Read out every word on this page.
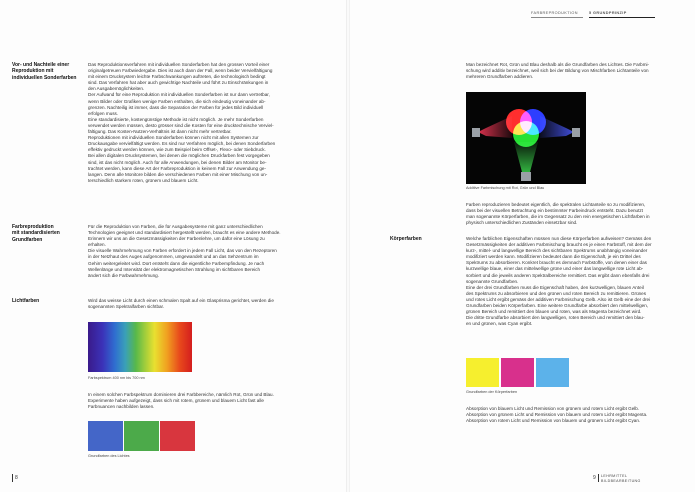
FARBREPRODUKTION	5 GRUNDPRINZIP
Vor- und Nachteile einer
Reproduktion mit
individuellen Sonderfarben
Das Reproduktionsverfahren mit individuellen Sonderfarben hat den grossen Vorteil einer
originalgetreuen Farbwiedergabe. Dies ist auch dann der Fall, wenn beider Vervielfältigung
mit einem Drucksystem leichte Farbschwankungen auftreten, die technologisch bedingt
sind. Das Verfahren hat aber auch gewichtige Nachteile und führt zu Einschränkungen in
den Ausgabemöglichkeiten.
Der Aufwand für eine Reproduktion mit individuellen Sonderfarben ist nur dann vertretbar,
wenn Bilder oder Grafiken wenige Farben enthalten, die sich eindeutig voneinander ab-
grenzen. Nachteilig ist immer, dass die Separation der Farben für jedes Bild individuell
erfolgen muss.
Eine standardisierte, kostengünstige Methode ist nicht möglich. Je mehr Sonderfarben
verwendet werden müssen, desto grösser sind die Kosten für eine drucktechnische Verviel-
fältigung. Das Kosten-Nutzen-Verhältnis ist dann nicht mehr vertretbar.
Reproduktionen mit individuellen Sonderfarben können nicht mit allen Systemen zur
Druckausgabe vervielfältigt werden. Es sind nur Verfahren möglich, bei denen Sonderfarben
effektiv gedruckt werden können, wie zum Beispiel beim Offset-, Flexo- oder Siebdruck.
Bei allen digitalen Drucksystemen, bei denen die möglichen Druckfarben fest vorgegeben
sind, ist das nicht möglich. Auch für alle Anwendungen, bei denen Bilder am Monitor be-
trachtet werden, kann diese Art der Farbreproduktion in keinem Fall zur Anwendung ge-
langen. Denn alle Monitore bilden die verschiedenen Farben mit einer Mischung von un-
terschiedlich starkem roten, grünem und blauem Licht.
Farbreproduktion
mit standardisierten
Grundfarben
Für die Reproduktion von Farben, die für Ausgabesysteme mit ganz unterschiedlichen
Technologien geeignet und standardisiert hergestellt werden, braucht es eine andere Methode.
Erinnern wir uns an die Gesetzmässigkeiten der Farbenlehre, um dafür eine Lösung zu
erhalten.
Die visuelle Wahrnehmung von Farben erfordert in jedem Fall Licht, das von den Rezeptoren
in der Netzhaut des Auges aufgenommen, umgewandelt und an das Sehzentrum im
Gehirn weitergeleitet wird. Dort entsteht dann die eigentliche Farbempfindung. Je nach
Wellenlänge und Intensität der elektromagnetischen Strahlung im sichtbaren Bereich
ändert sich die Farbwahrnehmung.
Lichtfarben	Wird das weisse Licht durch einen schmalen Spalt auf ein Glasprisma gerichtet, werden die
sogenannten Spektralfarben sichtbar.
Farbspektrum 400 nm bis 700 nm
In einem solchen Farbspektrum dominieren drei Farbbereiche, nämlich Rot, Grün und Blau.
Experimente haben aufgezeigt, dass sich mit rotem, grünem und blauem Licht fast alle
Farbnuancen nachbilden lassen.
Grundfarben des Lichtes
8
Man bezeichnet Rot, Grün und Blau deshalb als die Grundfarben des Lichtes. Die Farbmi-
schung wird additiv bezeichnet, weil sich bei der Bildung von Mischfarben Lichtanteile von
mehreren Grundfarben addieren.
Additive Farbmischung mit Rot, Grün und Blau
Farben reproduzieren bedeutet eigentlich, die spektralen Lichtanteile so zu modifizieren,
dass bei der visuellen Betrachtung ein bestimmter Farbeindruck entsteht. Dazu benutzt
man sogenannte Körperfarben, die im Gegensatz zu den rein energetischen Lichtfarben in
physisch unterschiedlichen Zuständen einsetzbar sind.
Körperfarben	Welche farblichen Eigenschaften müssen nun diese Körperfarben aufweisen? Gemäss den
Gesetzmässigkeiten der additiven Farbmischung braucht es je einen Farbstoff, mit dem der
kurz-, mittel- und langwellige Bereich des sichtbaren Spektrums unabhängig voneinander
modifiziert werden kann. Modifizieren bedeutet dann die Eigenschaft, je ein Drittel des
Spektrums zu absorbieren. Konkret braucht es demnach Farbstoffe, von denen einer das
kurzwellige blaue, einer das mittelwellige grüne und einer das langwellige rote Licht ab-
sorbiert und die jeweils anderen Spektralbereiche remittiert. Das ergibt dann ebenfalls drei
sogenannte Grundfarben.
Eine der drei Grundfarben muss die Eigenschaft haben, den kurzwelligen, blauen Anteil
des Spektrums zu absorbieren und den grünen und roten Bereich zu remittieren. Grünes
und rotes Licht ergibt gemäss der additiven Farbmischung Gelb. Also ist Gelb eine der drei
Grundfarben beiden Körperfarben. Eine weitere Grundfarbe absorbiert den mittelwelligen,
grünen Bereich und remittiert den blauen und roten, was als Magenta bezeichnet wird.
Die dritte Grundfarbe absorbiert den langwelligen, roten Bereich und remittiert den blau-
en und grünen, was Cyan ergibt.
Grundfarben der Körperfarben
Absorption von blauem Licht und Remission von grünem und rotem Licht ergibt Gelb.
Absorption von grünem Licht und Remission von blauem und rotem Licht ergibt Magenta.
Absorption von rotem Licht und Remission von blauem und grünem Licht ergibt Cyan.
9 LEHRMITTEL
BILDBEARBEITUNG
